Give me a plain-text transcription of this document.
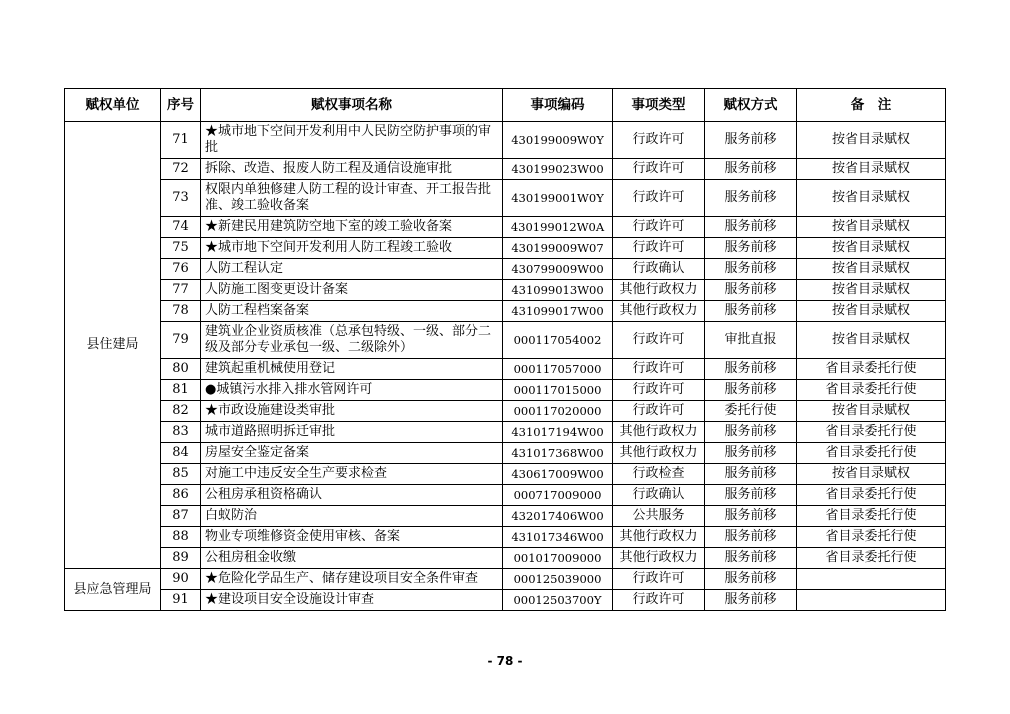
赋权单位	序号	赋权事项名称	事项编码	事项类型	赋权方式	备　注
县住建局	71	★城市地下空间开发利用中人民防空防护事项的审批	430199009W0Y	行政许可	服务前移	按省目录赋权
	72	拆除、改造、报废人防工程及通信设施审批	430199023W00	行政许可	服务前移	按省目录赋权
	73	权限内单独修建人防工程的设计审查、开工报告批准、竣工验收备案	430199001W0Y	行政许可	服务前移	按省目录赋权
	74	★新建民用建筑防空地下室的竣工验收备案	430199012W0A	行政许可	服务前移	按省目录赋权
	75	★城市地下空间开发利用人防工程竣工验收	430199009W07	行政许可	服务前移	按省目录赋权
	76	人防工程认定	430799009W00	行政确认	服务前移	按省目录赋权
	77	人防施工图变更设计备案	431099013W00	其他行政权力	服务前移	按省目录赋权
	78	人防工程档案备案	431099017W00	其他行政权力	服务前移	按省目录赋权
	79	建筑业企业资质核准（总承包特级、一级、部分二级及部分专业承包一级、二级除外）	000117054002	行政许可	审批直报	按省目录赋权
	80	建筑起重机械使用登记	000117057000	行政许可	服务前移	省目录委托行使
	81	●城镇污水排入排水管网许可	000117015000	行政许可	服务前移	省目录委托行使
	82	★市政设施建设类审批	000117020000	行政许可	委托行使	按省目录赋权
	83	城市道路照明拆迁审批	431017194W00	其他行政权力	服务前移	省目录委托行使
	84	房屋安全鉴定备案	431017368W00	其他行政权力	服务前移	省目录委托行使
	85	对施工中违反安全生产要求检查	430617009W00	行政检查	服务前移	按省目录赋权
	86	公租房承租资格确认	000717009000	行政确认	服务前移	省目录委托行使
	87	白蚁防治	432017406W00	公共服务	服务前移	省目录委托行使
	88	物业专项维修资金使用审核、备案	431017346W00	其他行政权力	服务前移	省目录委托行使
	89	公租房租金收缴	001017009000	其他行政权力	服务前移	省目录委托行使
县应急管理局	90	★危险化学品生产、储存建设项目安全条件审查	000125039000	行政许可	服务前移	
	91	★建设项目安全设施设计审查	00012503700Y	行政许可	服务前移	
- 78 -
